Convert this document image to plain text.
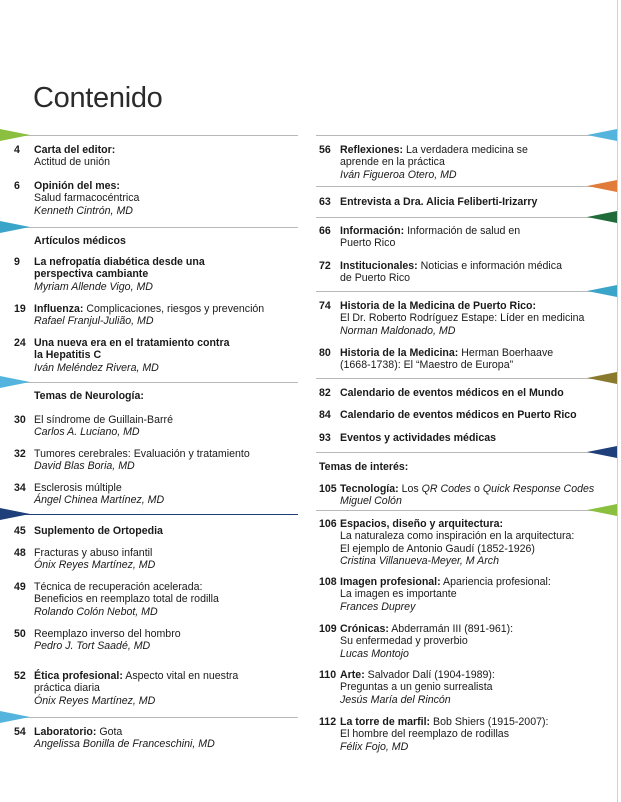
Contenido
4 Carta del editor:
Actitud de unión
6 Opinión del mes:
Salud farmacocéntrica
Kenneth Cintrón, MD
Artículos médicos
9 La nefropatía diabética desde una
perspectiva cambiante
Myriam Allende Vigo, MD
19 Influenza: Complicaciones, riesgos y prevención
Rafael Franjul-Julião, MD
24 Una nueva era en el tratamiento contra
la Hepatitis C
Iván Meléndez Rivera, MD
Temas de Neurología:
30 El síndrome de Guillain-Barré
Carlos A. Luciano, MD
32 Tumores cerebrales: Evaluación y tratamiento
David Blas Boria, MD
34 Esclerosis múltiple
Ángel Chinea Martínez, MD
45 Suplemento de Ortopedia
48 Fracturas y abuso infantil
Ónix Reyes Martínez, MD
49 Técnica de recuperación acelerada:
Beneficios en reemplazo total de rodilla
Rolando Colón Nebot, MD
50 Reemplazo inverso del hombro
Pedro J. Tort Saadé, MD
52 Ética profesional: Aspecto vital en nuestra
práctica diaria
Ónix Reyes Martínez, MD
54 Laboratorio: Gota
Angelissa Bonilla de Franceschini, MD
56 Reflexiones: La verdadera medicina se
aprende en la práctica
Iván Figueroa Otero, MD
63 Entrevista a Dra. Alicia Feliberti-Irizarry
66 Información: Información de salud en
Puerto Rico
72 Institucionales: Noticias e información médica
de Puerto Rico
74 Historia de la Medicina de Puerto Rico:
El Dr. Roberto Rodríguez Estape: Líder en medicina
Norman Maldonado, MD
80 Historia de la Medicina: Herman Boerhaave
(1668-1738): El “Maestro de Europa”
82 Calendario de eventos médicos en el Mundo
84 Calendario de eventos médicos en Puerto Rico
93 Eventos y actividades médicas
Temas de interés:
105 Tecnología: Los QR Codes o Quick Response Codes
Miguel Colón
106 Espacios, diseño y arquitectura:
La naturaleza como inspiración en la arquitectura:
El ejemplo de Antonio Gaudí (1852-1926)
Cristina Villanueva-Meyer, M Arch
108 Imagen profesional: Apariencia profesional:
La imagen es importante
Frances Duprey
109 Crónicas: Abderramán III (891-961):
Su enfermedad y proverbio
Lucas Montojo
110 Arte: Salvador Dalí (1904-1989):
Preguntas a un genio surrealista
Jesús María del Rincón
112 La torre de marfil: Bob Shiers (1915-2007):
El hombre del reemplazo de rodillas
Félix Fojo, MD
